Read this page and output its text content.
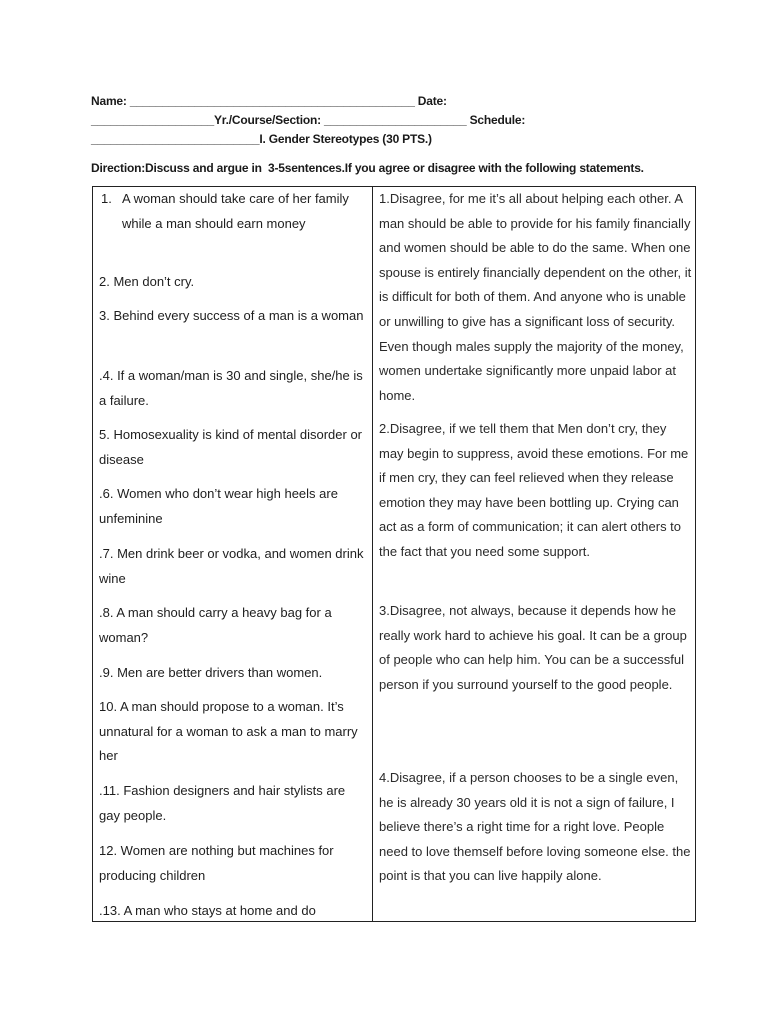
Name: ____________________________________________ Date:
___________________Yr./Course/Section: ______________________ Schedule:
__________________________I. Gender Stereotypes (30 PTS.)
Direction:Discuss and argue in  3-5sentences.If you agree or disagree with the following statements.
1. A woman should take care of her family while a man should earn money
2. Men don’t cry.
3. Behind every success of a man is a woman
.4. If a woman/man is 30 and single, she/he is a failure.
5. Homosexuality is kind of mental disorder or disease
.6. Women who don’t wear high heels are unfeminine
.7. Men drink beer or vodka, and women drink wine
.8. A man should carry a heavy bag for a woman?
.9. Men are better drivers than women.
10. A man should propose to a woman. It’s unnatural for a woman to ask a man to marry her
.11. Fashion designers and hair stylists are gay people.
12. Women are nothing but machines for producing children
.13. A man who stays at home and do
1.Disagree, for me it’s all about helping each other. A man should be able to provide for his family financially and women should be able to do the same. When one spouse is entirely financially dependent on the other, it is difficult for both of them. And anyone who is unable or unwilling to give has a significant loss of security. Even though males supply the majority of the money, women undertake significantly more unpaid labor at home.
2.Disagree, if we tell them that Men don’t cry, they may begin to suppress, avoid these emotions. For me if men cry, they can feel relieved when they release emotion they may have been bottling up. Crying can act as a form of communication; it can alert others to the fact that you need some support.
3.Disagree, not always, because it depends how he really work hard to achieve his goal. It can be a group of people who can help him. You can be a successful person if you surround yourself to the good people.
4.Disagree, if a person chooses to be a single even, he is already 30 years old it is not a sign of failure, I believe there’s a right time for a right love. People need to love themself before loving someone else. the point is that you can live happily alone.
